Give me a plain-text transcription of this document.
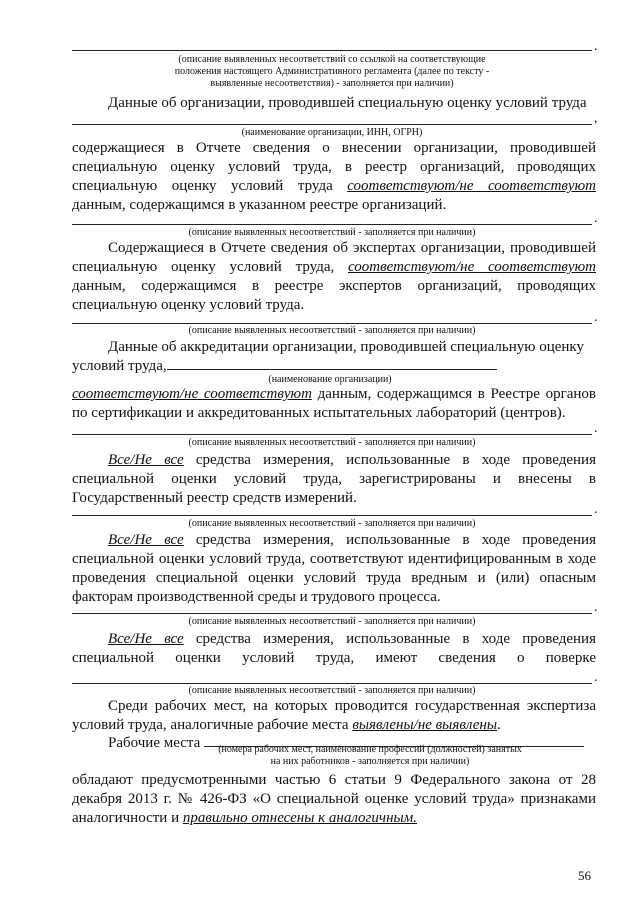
.
(описание выявленных несоответствий со ссылкой на соответствующие
положения настоящего Административного регламента (далее по тексту -
выявленные несоответствия) - заполняется при наличии)

Данные об организации, проводившей специальную оценку условий труда

,
(наименование организации, ИНН, ОГРН)

содержащиеся в Отчете сведения о внесении организации, проводившей специальную оценку условий труда, в реестр организаций, проводящих специальную оценку условий труда соответствуют/не соответствуют данным, содержащимся в указанном реестре организаций.

.
(описание выявленных несоответствий - заполняется при наличии)

Содержащиеся в Отчете сведения об экспертах организации, проводившей специальную оценку условий труда, соответствуют/не соответствуют данным, содержащимся в реестре экспертов организаций, проводящих специальную оценку условий труда.

.
(описание выявленных несоответствий - заполняется при наличии)

Данные об аккредитации организации, проводившей специальную оценку условий труда,

(наименование организации)

соответствуют/не соответствуют данным, содержащимся в Реестре органов по сертификации и аккредитованных испытательных лабораторий (центров).

.
(описание выявленных несоответствий - заполняется при наличии)

Все/Не все средства измерения, использованные в ходе проведения специальной оценки условий труда, зарегистрированы и внесены в Государственный реестр средств измерений.

.
(описание выявленных несоответствий - заполняется при наличии)

Все/Не все средства измерения, использованные в ходе проведения специальной оценки условий труда, соответствуют идентифицированным в ходе проведения специальной оценки условий труда вредным и (или) опасным факторам производственной среды и трудового процесса.

.
(описание выявленных несоответствий - заполняется при наличии)

Все/Не все средства измерения, использованные в ходе проведения специальной оценки условий труда, имеют сведения о поверке

.
(описание выявленных несоответствий - заполняется при наличии)

Среди рабочих мест, на которых проводится государственная экспертиза условий труда, аналогичные рабочие места выявлены/не выявлены.

Рабочие места	(номера рабочих мест, наименование профессий (должностей) занятых
на них работников - заполняется при наличии)

обладают предусмотренными частью 6 статьи 9 Федерального закона от 28 декабря 2013 г. № 426-ФЗ «О специальной оценке условий труда» признаками аналогичности и правильно отнесены к аналогичным.

56
